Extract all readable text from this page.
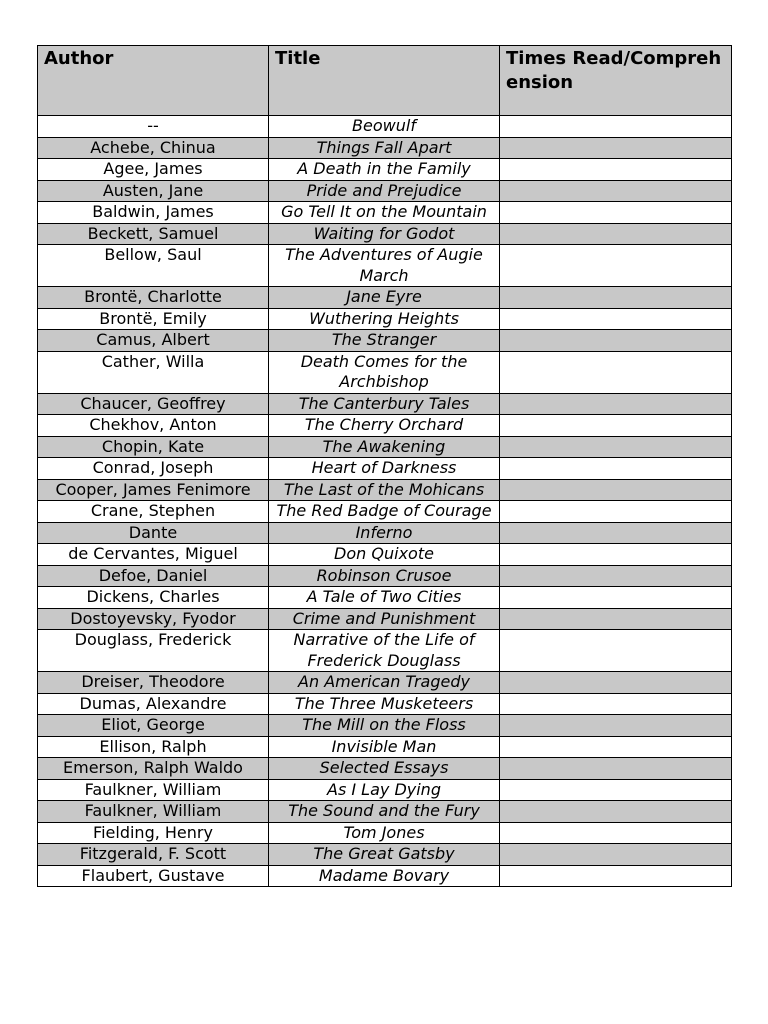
Author	Title	Times Read/Comprehension
--	Beowulf	
Achebe, Chinua	Things Fall Apart	
Agee, James	A Death in the Family	
Austen, Jane	Pride and Prejudice	
Baldwin, James	Go Tell It on the Mountain	
Beckett, Samuel	Waiting for Godot	
Bellow, Saul	The Adventures of Augie March	
Brontë, Charlotte	Jane Eyre	
Brontë, Emily	Wuthering Heights	
Camus, Albert	The Stranger	
Cather, Willa	Death Comes for the Archbishop	
Chaucer, Geoffrey	The Canterbury Tales	
Chekhov, Anton	The Cherry Orchard	
Chopin, Kate	The Awakening	
Conrad, Joseph	Heart of Darkness	
Cooper, James Fenimore	The Last of the Mohicans	
Crane, Stephen	The Red Badge of Courage	
Dante	Inferno	
de Cervantes, Miguel	Don Quixote	
Defoe, Daniel	Robinson Crusoe	
Dickens, Charles	A Tale of Two Cities	
Dostoyevsky, Fyodor	Crime and Punishment	
Douglass, Frederick	Narrative of the Life of Frederick Douglass	
Dreiser, Theodore	An American Tragedy	
Dumas, Alexandre	The Three Musketeers	
Eliot, George	The Mill on the Floss	
Ellison, Ralph	Invisible Man	
Emerson, Ralph Waldo	Selected Essays	
Faulkner, William	As I Lay Dying	
Faulkner, William	The Sound and the Fury	
Fielding, Henry	Tom Jones	
Fitzgerald, F. Scott	The Great Gatsby	
Flaubert, Gustave	Madame Bovary	
